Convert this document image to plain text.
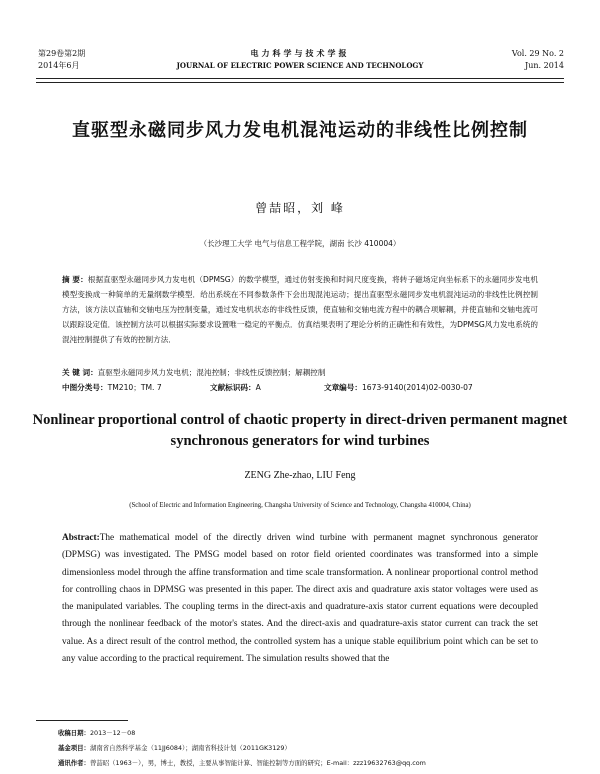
第29卷第2期
2014年6月
电力科学与技术学报
JOURNAL OF ELECTRIC POWER SCIENCE AND TECHNOLOGY
Vol. 29 No. 2
Jun. 2014
直驱型永磁同步风力发电机混沌运动的非线性比例控制
曾喆昭，刘 峰
（长沙理工大学 电气与信息工程学院，湖南 长沙 410004）
摘 要：根据直驱型永磁同步风力发电机（DPMSG）的数学模型，通过仿射变换和时间尺度变换，将转子磁场定向坐标系下的永磁同步发电机模型变换成一种简单的无量纲数学模型．给出系统在不同参数条件下会出现混沌运动；提出直驱型永磁同步发电机混沌运动的非线性比例控制方法，该方法以直轴和交轴电压为控制变量，通过发电机状态的非线性反馈，使直轴和交轴电流方程中的耦合项解耦，并使直轴和交轴电流可以跟踪设定值．该控制方法可以根据实际要求设置唯一稳定的平衡点．仿真结果表明了理论分析的正确性和有效性，为DPMSG风力发电系统的混沌控制提供了有效的控制方法．
关 键 词：直驱型永磁同步风力发电机；混沌控制；非线性反馈控制；解耦控制
中图分类号：TM210；TM. 7	文献标识码：A	文章编号：1673-9140(2014)02-0030-07
Nonlinear proportional control of chaotic property in direct-driven permanent magnet synchronous generators for wind turbines
ZENG Zhe-zhao, LIU Feng
(School of Electric and Information Engineering, Changsha University of Science and Technology, Changsha 410004, China)
Abstract:The mathematical model of the directly driven wind turbine with permanent magnet synchronous generator (DPMSG) was investigated. The PMSG model based on rotor field oriented coordinates was transformed into a simple dimensionless model through the affine transformation and time scale transformation. A nonlinear proportional control method for controlling chaos in DPMSG was presented in this paper. The direct axis and quadrature axis stator voltages were used as the manipulated variables. The coupling terms in the direct-axis and quadrature-axis stator current equations were decoupled through the nonlinear feedback of the motor's states. And the direct-axis and quadrature-axis stator current can track the set value. As a direct result of the control method, the controlled system has a unique stable equilibrium point which can be set to any value according to the practical requirement. The simulation results showed that the
收稿日期：2013－12－08
基金项目：湖南省自然科学基金（11JJ6084）；湖南省科技计划（2011GK3129）
通讯作者：曾喆昭（1963－），男，博士，教授，主要从事智能计算、智能控制等方面的研究；E-mail：zzz19632763@qq.com
